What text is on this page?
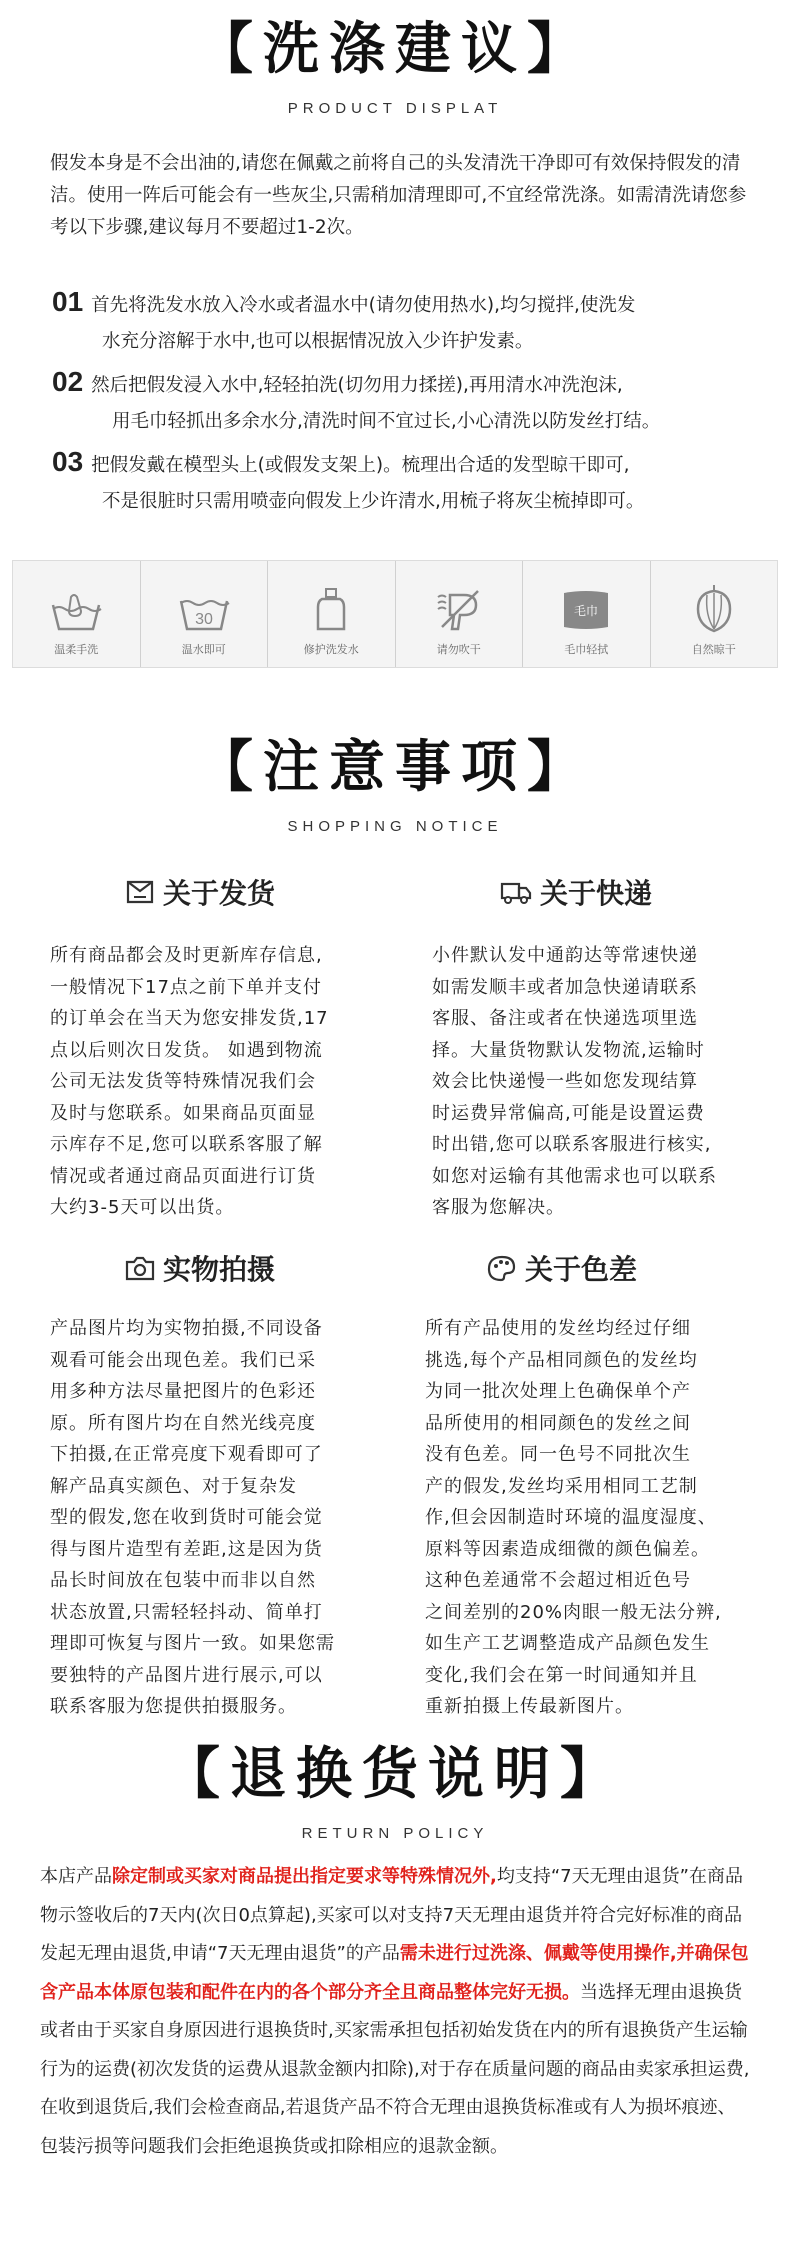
【洗涤建议】
PRODUCT DISPLAT
假发本身是不会出油的,请您在佩戴之前将自己的头发清洗干净即可有效保持假发的清洁。使用一阵后可能会有一些灰尘,只需稍加清理即可,不宜经常洗涤。如需清洗请您参考以下步骤,建议每月不要超过1-2次。
01 首先将洗发水放入冷水或者温水中(请勿使用热水),均匀搅拌,使洗发
水充分溶解于水中,也可以根据情况放入少许护发素。
02 然后把假发浸入水中,轻轻拍洗(切勿用力揉搓),再用清水冲洗泡沫,
用毛巾轻抓出多余水分,清洗时间不宜过长,小心清洗以防发丝打结。
03 把假发戴在模型头上(或假发支架上)。梳理出合适的发型晾干即可,
不是很脏时只需用喷壶向假发上少许清水,用梳子将灰尘梳掉即可。
温柔手洗
30
温水即可	修护洗发水	请勿吹干
毛巾
毛巾轻拭	自然晾干
【注意事项】
SHOPPING NOTICE
关于发货
所有商品都会及时更新库存信息,
一般情况下17点之前下单并支付
的订单会在当天为您安排发货,17
点以后则次日发货。 如遇到物流
公司无法发货等特殊情况我们会
及时与您联系。如果商品页面显
示库存不足,您可以联系客服了解
情况或者通过商品页面进行订货
大约3-5天可以出货。
关于快递
小件默认发中通韵达等常速快递
如需发顺丰或者加急快递请联系
客服、备注或者在快递选项里选
择。大量货物默认发物流,运输时
效会比快递慢一些如您发现结算
时运费异常偏高,可能是设置运费
时出错,您可以联系客服进行核实,
如您对运输有其他需求也可以联系
客服为您解决。
实物拍摄
产品图片均为实物拍摄,不同设备
观看可能会出现色差。我们已采
用多种方法尽量把图片的色彩还
原。所有图片均在自然光线亮度
下拍摄,在正常亮度下观看即可了
解产品真实颜色、对于复杂发
型的假发,您在收到货时可能会觉
得与图片造型有差距,这是因为货
品长时间放在包装中而非以自然
状态放置,只需轻轻抖动、简单打
理即可恢复与图片一致。如果您需
要独特的产品图片进行展示,可以
联系客服为您提供拍摄服务。
关于色差
所有产品使用的发丝均经过仔细
挑选,每个产品相同颜色的发丝均
为同一批次处理上色确保单个产
品所使用的相同颜色的发丝之间
没有色差。同一色号不同批次生
产的假发,发丝均采用相同工艺制
作,但会因制造时环境的温度湿度、
原料等因素造成细微的颜色偏差。
这种色差通常不会超过相近色号
之间差别的20%肉眼一般无法分辨,
如生产工艺调整造成产品颜色发生
变化,我们会在第一时间通知并且
重新拍摄上传最新图片。
【退换货说明】
RETURN POLICY
本店产品除定制或买家对商品提出指定要求等特殊情况外,均支持“7天无理由退货”在商品物示签收后的7天内(次日0点算起),买家可以对支持7天无理由退货并符合完好标准的商品发起无理由退货,申请“7天无理由退货”的产品需未进行过洗涤、佩戴等使用操作,并确保包含产品本体原包装和配件在内的各个部分齐全且商品整体完好无损。当选择无理由退换货或者由于买家自身原因进行退换货时,买家需承担包括初始发货在内的所有退换货产生运输行为的运费(初次发货的运费从退款金额内扣除),对于存在质量问题的商品由卖家承担运费,在收到退货后,我们会检查商品,若退货产品不符合无理由退换货标准或有人为损坏痕迹、包装污损等问题我们会拒绝退换货或扣除相应的退款金额。
